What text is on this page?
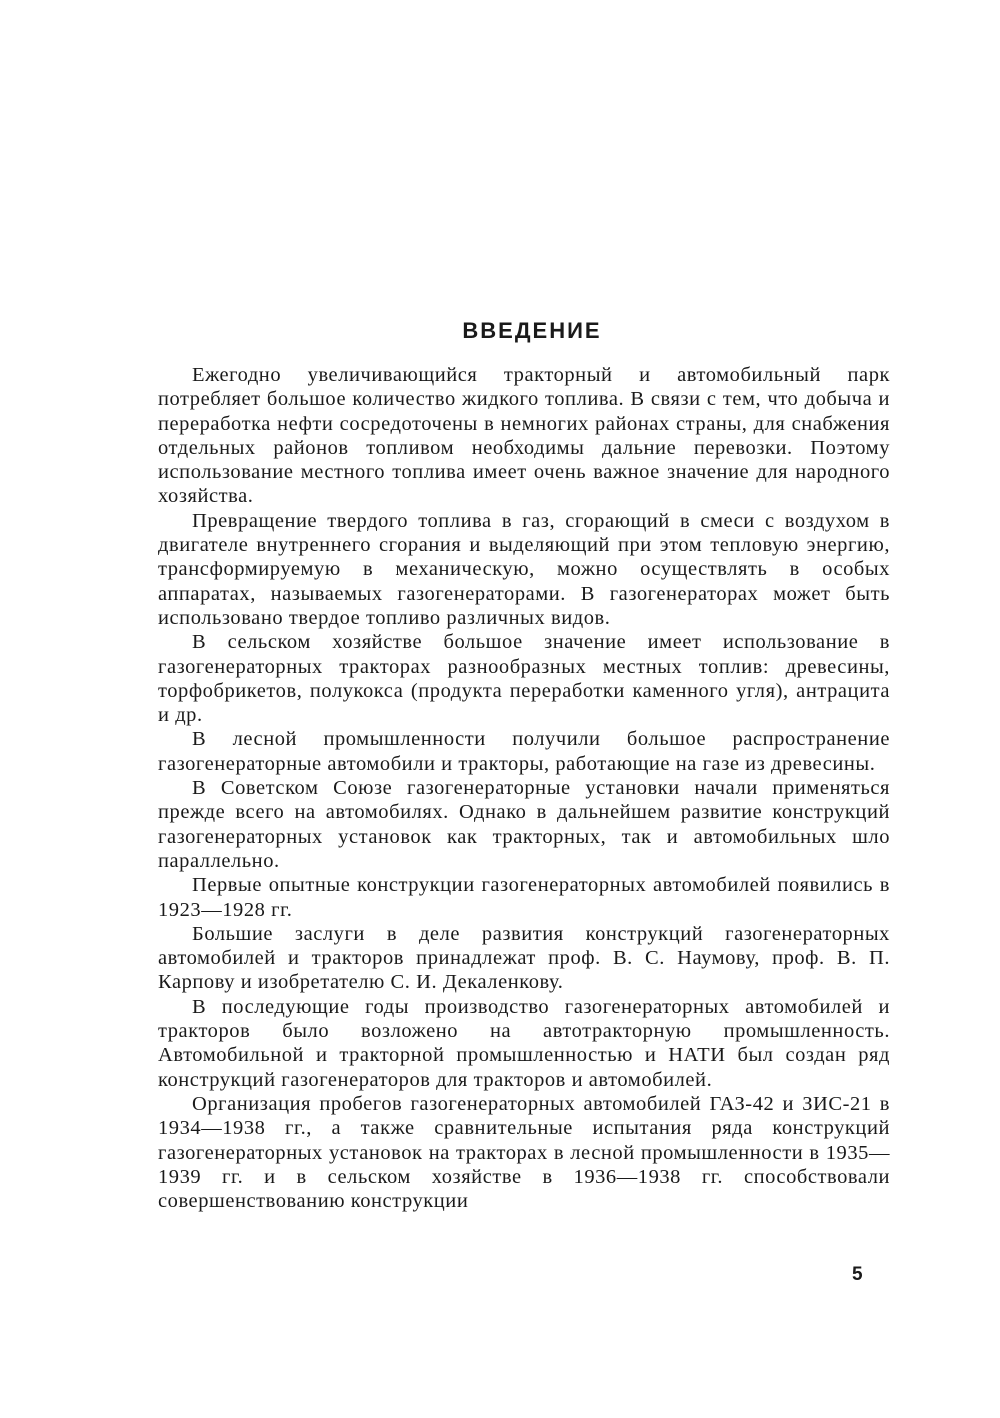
ВВЕДЕНИЕ

Ежегодно увеличивающийся тракторный и автомобильный парк потребляет большое количество жидкого топлива. В связи с тем, что добыча и переработка нефти сосредоточены в немногих районах страны, для снабжения отдельных районов топливом необходимы дальние перевозки. Поэтому использование местного топлива имеет очень важное значение для народного хозяйства.

Превращение твердого топлива в газ, сгорающий в смеси с воздухом в двигателе внутреннего сгорания и выделяющий при этом тепловую энергию, трансформируемую в механическую, можно осуществлять в особых аппаратах, называемых газогенераторами. В газогенераторах может быть использовано твердое топливо различных видов.

В сельском хозяйстве большое значение имеет использование в газогенераторных тракторах разнообразных местных топлив: древесины, торфобрикетов, полукокса (продукта переработки каменного угля), антрацита и др.

В лесной промышленности получили большое распространение газогенераторные автомобили и тракторы, работающие на газе из древесины.

В Советском Союзе газогенераторные установки начали применяться прежде всего на автомобилях. Однако в дальнейшем развитие конструкций газогенераторных установок как тракторных, так и автомобильных шло параллельно.

Первые опытные конструкции газогенераторных автомобилей появились в 1923—1928 гг.

Большие заслуги в деле развития конструкций газогенераторных автомобилей и тракторов принадлежат проф. В. С. Наумову, проф. В. П. Карпову и изобретателю С. И. Декаленкову.

В последующие годы производство газогенераторных автомобилей и тракторов было возложено на автотракторную промышленность. Автомобильной и тракторной промышленностью и НАТИ был создан ряд конструкций газогенераторов для тракторов и автомобилей.

Организация пробегов газогенераторных автомобилей ГАЗ-42 и ЗИС-21 в 1934—1938 гг., а также сравнительные испытания ряда конструкций газогенераторных установок на тракторах в лесной промышленности в 1935—1939 гг. и в сельском хозяйстве в 1936—1938 гг. способствовали совершенствованию конструкции

5
